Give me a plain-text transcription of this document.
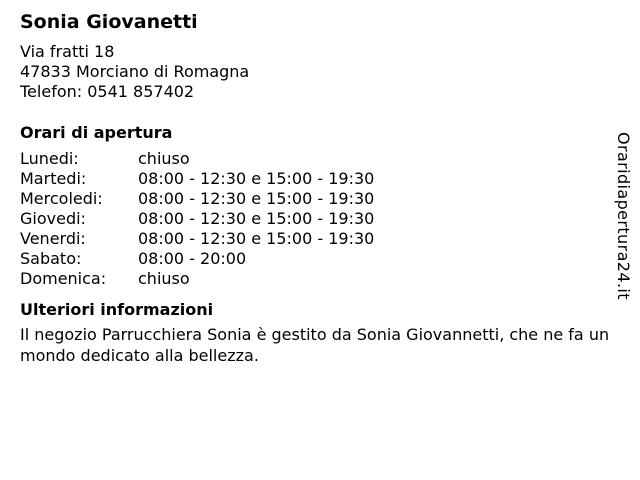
Sonia Giovanetti

Via fratti 18

47833 Morciano di Romagna

Telefon: 0541 857402

Orari di apertura
Lunedi:	chiuso
Martedi:	08:00 - 12:30 e 15:00 - 19:30
Mercoledi:	08:00 - 12:30 e 15:00 - 19:30
Giovedi:	08:00 - 12:30 e 15:00 - 19:30
Venerdi:	08:00 - 12:30 e 15:00 - 19:30
Sabato:	08:00 - 20:00
Domenica:	chiuso
Ulteriori informazioni

Il negozio Parrucchiera Sonia è gestito da Sonia Giovannetti, che ne fa un mondo dedicato alla bellezza.

Oraridiapertura24.it
